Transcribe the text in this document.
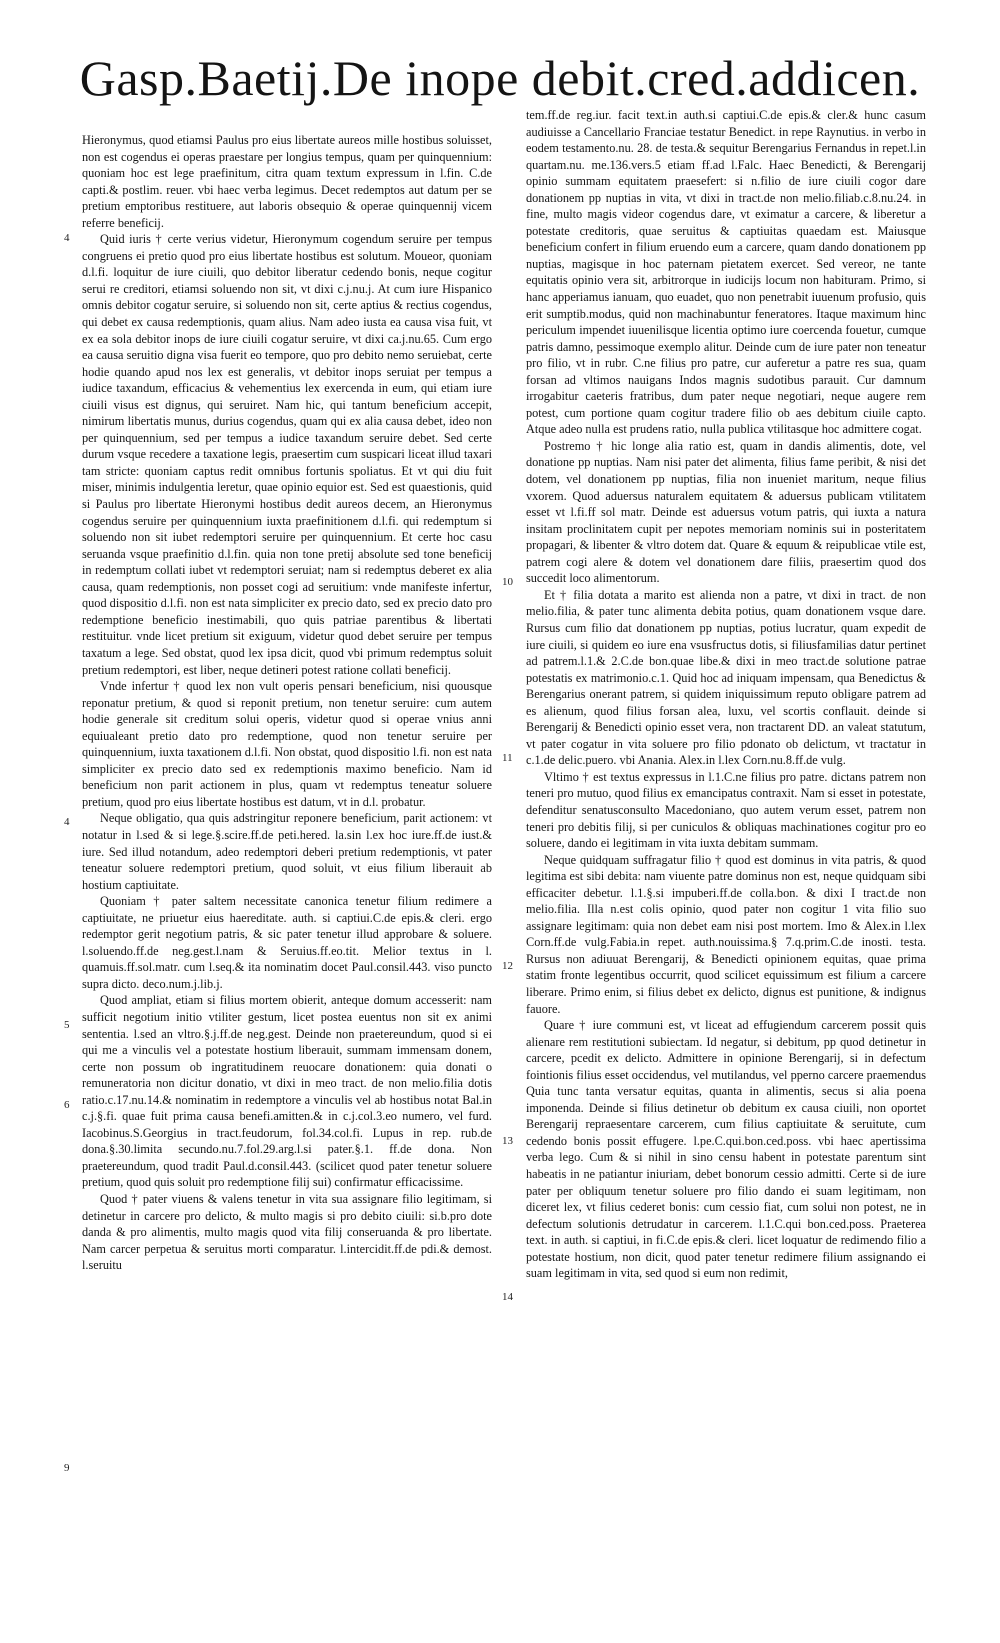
Gasp.Baetij.De inope debit.cred.addicen.
4
4
5
6
9
10
11
12
13
14

Hieronymus, quod etiamsi Paulus pro eius libertate aureos mille hostibus soluisset, non est cogendus ei operas praestare per longius tempus, quam per quinquennium: quoniam hoc est lege praefinitum, citra quam textum expressum in l.fin. C.de capti.& postlim. reuer. vbi haec verba legimus. Decet redemptos aut datum per se pretium emptoribus restituere, aut laboris obsequio & operae quinquennij vicem referre beneficij.

Quid iuris † certe verius videtur, Hieronymum cogendum seruire per tempus congruens ei pretio quod pro eius libertate hostibus est solutum. Moueor, quoniam d.l.fi. loquitur de iure ciuili, quo debitor liberatur cedendo bonis, neque cogitur serui re creditori, etiamsi soluendo non sit, vt dixi c.j.nu.j. At cum iure Hispanico omnis debitor cogatur seruire, si soluendo non sit, certe aptius & rectius cogendus, qui debet ex causa redemptionis, quam alius. Nam adeo iusta ea causa visa fuit, vt ex ea sola debitor inops de iure ciuili cogatur seruire, vt dixi ca.j.nu.65. Cum ergo ea causa seruitio digna visa fuerit eo tempore, quo pro debito nemo seruiebat, certe hodie quando apud nos lex est generalis, vt debitor inops seruiat per tempus a iudice taxandum, efficacius & vehementius lex exercenda in eum, qui etiam iure ciuili visus est dignus, qui seruiret. Nam hic, qui tantum beneficium accepit, nimirum libertatis munus, durius cogendus, quam qui ex alia causa debet, ideo non per quinquennium, sed per tempus a iudice taxandum seruire debet. Sed certe durum vsque recedere a taxatione legis, praesertim cum suspicari liceat illud taxari tam stricte: quoniam captus redit omnibus fortunis spoliatus. Et vt qui diu fuit miser, minimis indulgentia leretur, quae opinio equior est. Sed est quaestionis, quid si Paulus pro libertate Hieronymi hostibus dedit aureos decem, an Hieronymus cogendus seruire per quinquennium iuxta praefinitionem d.l.fi. qui redemptum si soluendo non sit iubet redemptori seruire per quinquennium. Et certe hoc casu seruanda vsque praefinitio d.l.fin. quia non tone pretij absolute sed tone beneficij in redemptum collati iubet vt redemptori seruiat; nam si redemptus deberet ex alia causa, quam redemptionis, non posset cogi ad seruitium: vnde manifeste infertur, quod dispositio d.l.fi. non est nata simpliciter ex precio dato, sed ex precio dato pro redemptione beneficio inestimabili, quo quis patriae parentibus & libertati restituitur. vnde licet pretium sit exiguum, videtur quod debet seruire per tempus taxatum a lege. Sed obstat, quod lex ipsa dicit, quod vbi primum redemptus soluit pretium redemptori, est liber, neque detineri potest ratione collati beneficij.

Vnde infertur † quod lex non vult operis pensari beneficium, nisi quousque reponatur pretium, & quod si reponit pretium, non tenetur seruire: cum autem hodie generale sit creditum solui operis, videtur quod si operae vnius anni equiualeant pretio dato pro redemptione, quod non tenetur seruire per quinquennium, iuxta taxationem d.l.fi. Non obstat, quod dispositio l.fi. non est nata simpliciter ex precio dato sed ex redemptionis maximo beneficio. Nam id beneficium non parit actionem in plus, quam vt redemptus teneatur soluere pretium, quod pro eius libertate hostibus est datum, vt in d.l. probatur.

Neque obligatio, qua quis adstringitur reponere beneficium, parit actionem: vt notatur in l.sed & si lege.§.scire.ff.de peti.hered. la.sin l.ex hoc iure.ff.de iust.& iure. Sed illud notandum, adeo redemptori deberi pretium redemptionis, vt pater teneatur soluere redemptori pretium, quod soluit, vt eius filium liberauit ab hostium captiuitate.

Quoniam † pater saltem necessitate canonica tenetur filium redimere a captiuitate, ne priuetur eius haereditate. auth. si captiui.C.de epis.& cleri. ergo redemptor gerit negotium patris, & sic pater tenetur illud approbare & soluere. l.soluendo.ff.de neg.gest.l.nam & Seruius.ff.eo.tit. Melior textus in l. quamuis.ff.sol.matr. cum l.seq.& ita nominatim docet Paul.consil.443. viso puncto supra dicto. deco.num.j.lib.j.

Quod ampliat, etiam si filius mortem obierit, anteque domum accesserit: nam sufficit negotium initio vtiliter gestum, licet postea euentus non sit ex animi sententia. l.sed an vltro.§.j.ff.de neg.gest. Deinde non praetereundum, quod si ei qui me a vinculis vel a potestate hostium liberauit, summam immensam donem, certe non possum ob ingratitudinem reuocare donationem: quia donati o remuneratoria non dicitur donatio, vt dixi in meo tract. de non melio.filia dotis ratio.c.17.nu.14.& nominatim in redemptore a vinculis vel ab hostibus notat Bal.in c.j.§.fi. quae fuit prima causa benefi.amitten.& in c.j.col.3.eo numero, vel furd. Iacobinus.S.Georgius in tract.feudorum, fol.34.col.fi. Lupus in rep. rub.de dona.§.30.limita secundo.nu.7.fol.29.arg.l.si pater.§.1. ff.de dona. Non praetereundum, quod tradit Paul.d.consil.443. (scilicet quod pater tenetur soluere pretium, quod quis soluit pro redemptione filij sui) confirmatur efficacissime.

Quod † pater viuens & valens tenetur in vita sua assignare filio legitimam, si detinetur in carcere pro delicto, & multo magis si pro debito ciuili: si.b.pro dote danda & pro alimentis, multo magis quod vita filij conseruanda & pro libertate. Nam carcer perpetua & seruitus morti comparatur. l.intercidit.ff.de pdi.& demost. l.seruitu

tem.ff.de reg.iur. facit text.in auth.si captiui.C.de epis.& cler.& hunc casum audiuisse a Cancellario Franciae testatur Benedict. in repe Raynutius. in verbo in eodem testamento.nu. 28. de testa.& sequitur Berengarius Fernandus in repet.l.in quartam.nu. me.136.vers.5 etiam ff.ad l.Falc. Haec Benedicti, & Berengarij opinio summam equitatem praesefert: si n.filio de iure ciuili cogor dare donationem pp nuptias in vita, vt dixi in tract.de non melio.filiab.c.8.nu.24. in fine, multo magis videor cogendus dare, vt eximatur a carcere, & liberetur a potestate creditoris, quae seruitus & captiuitas quaedam est. Maiusque beneficium confert in filium eruendo eum a carcere, quam dando donationem pp nuptias, magisque in hoc paternam pietatem exercet. Sed vereor, ne tante equitatis opinio vera sit, arbitrorque in iudicijs locum non habituram. Primo, si hanc apperiamus ianuam, quo euadet, quo non penetrabit iuuenum profusio, quis erit sumptib.modus, quid non machinabuntur feneratores. Itaque maximum hinc periculum impendet iuuenilisque licentia optimo iure coercenda fouetur, cumque patris damno, pessimoque exemplo alitur. Deinde cum de iure pater non teneatur pro filio, vt in rubr. C.ne filius pro patre, cur auferetur a patre res sua, quam forsan ad vltimos nauigans Indos magnis sudotibus parauit. Cur damnum irrogabitur caeteris fratribus, dum pater neque negotiari, neque augere rem potest, cum portione quam cogitur tradere filio ob aes debitum ciuile capto. Atque adeo nulla est prudens ratio, nulla publica vtilitasque hoc admittere cogat.

Postremo † hic longe alia ratio est, quam in dandis alimentis, dote, vel donatione pp nuptias. Nam nisi pater det alimenta, filius fame peribit, & nisi det dotem, vel donationem pp nuptias, filia non inueniet maritum, neque filius vxorem. Quod aduersus naturalem equitatem & aduersus publicam vtilitatem esset vt l.fi.ff sol matr. Deinde est aduersus votum patris, qui iuxta a natura insitam proclinitatem cupit per nepotes memoriam nominis sui in posteritatem propagari, & libenter & vltro dotem dat. Quare & equum & reipublicae vtile est, patrem cogi alere & dotem vel donationem dare filiis, praesertim quod dos succedit loco alimentorum.

Et † filia dotata a marito est alienda non a patre, vt dixi in tract. de non melio.filia, & pater tunc alimenta debita potius, quam donationem vsque dare. Rursus cum filio dat donationem pp nuptias, potius lucratur, quam expedit de iure ciuili, si quidem eo iure ena vsusfructus dotis, si filiusfamilias datur pertinet ad patrem.l.1.& 2.C.de bon.quae libe.& dixi in meo tract.de solutione patrae potestatis ex matrimonio.c.1. Quid hoc ad iniquam impensam, qua Benedictus & Berengarius onerant patrem, si quidem iniquissimum reputo obligare patrem ad es alienum, quod filius forsan alea, luxu, vel scortis conflauit. deinde si Berengarij & Benedicti opinio esset vera, non tractarent DD. an valeat statutum, vt pater cogatur in vita soluere pro filio pdonato ob delictum, vt tractatur in c.1.de delic.puero. vbi Anania. Alex.in l.lex Corn.nu.8.ff.de vulg.

Vltimo † est textus expressus in l.1.C.ne filius pro patre. dictans patrem non teneri pro mutuo, quod filius ex emancipatus contraxit. Nam si esset in potestate, defenditur senatusconsulto Macedoniano, quo autem verum esset, patrem non teneri pro debitis filij, si per cuniculos & obliquas machinationes cogitur pro eo soluere, dando ei legitimam in vita iuxta debitam summam.

Neque quidquam suffragatur filio † quod est dominus in vita patris, & quod legitima est sibi debita: nam viuente patre dominus non est, neque quidquam sibi efficaciter debetur. l.1.§.si impuberi.ff.de colla.bon. & dixi I tract.de non melio.filia. Illa n.est colis opinio, quod pater non cogitur 1 vita filio suo assignare legitimam: quia non debet eam nisi post mortem. Imo & Alex.in l.lex Corn.ff.de vulg.Fabia.in repet. auth.nouissima.§ 7.q.prim.C.de inosti. testa. Rursus non adiuuat Berengarij, & Benedicti opinionem equitas, quae prima statim fronte legentibus occurrit, quod scilicet equissimum est filium a carcere liberare. Primo enim, si filius debet ex delicto, dignus est punitione, & indignus fauore.

Quare † iure communi est, vt liceat ad effugiendum carcerem possit quis alienare rem restitutioni subiectam. Id negatur, si debitum, pp quod detinetur in carcere, pcedit ex delicto. Admittere in opinione Berengarij, si in defectum fointionis filius esset occidendus, vel mutilandus, vel pperno carcere praemendus Quia tunc tanta versatur equitas, quanta in alimentis, secus si alia poena imponenda. Deinde si filius detinetur ob debitum ex causa ciuili, non oportet Berengarij repraesentare carcerem, cum filius captiuitate & seruitute, cum cedendo bonis possit effugere. l.pe.C.qui.bon.ced.poss. vbi haec apertissima verba lego. Cum & si nihil in sino censu habent in potestate parentum sint habeatis in ne patiantur iniuriam, debet bonorum cessio admitti. Certe si de iure pater per obliquum tenetur soluere pro filio dando ei suam legitimam, non diceret lex, vt filius cederet bonis: cum cessio fiat, cum solui non potest, ne in defectum solutionis detrudatur in carcerem. l.1.C.qui bon.ced.poss. Praeterea text. in auth. si captiui, in fi.C.de epis.& cleri. licet loquatur de redimendo filio a potestate hostium, non dicit, quod pater tenetur redimere filium assignando ei suam legitimam in vita, sed quod si eum non redimit,
